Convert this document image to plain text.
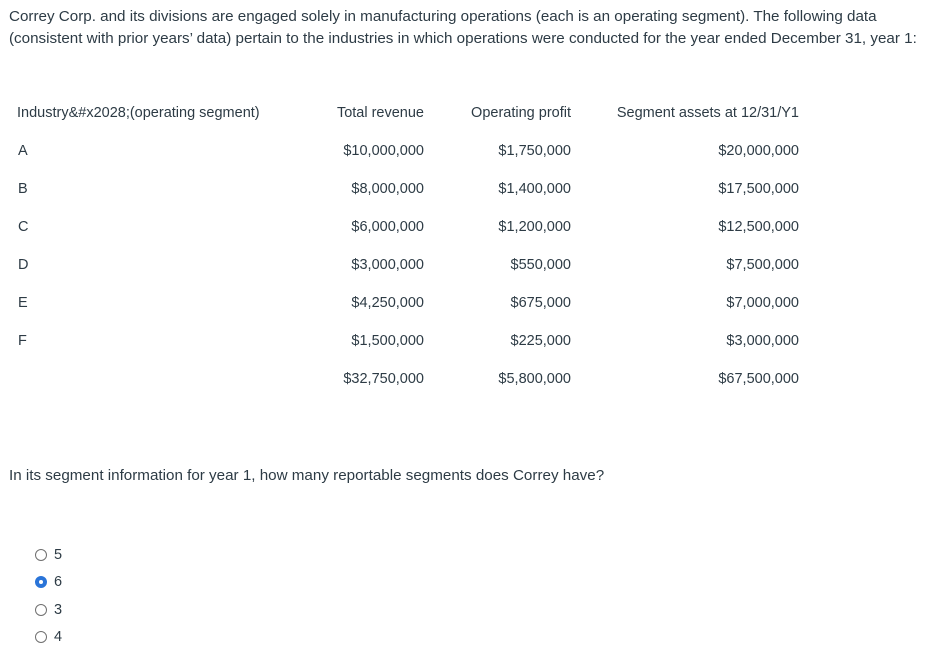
Correy Corp. and its divisions are engaged solely in manufacturing operations (each is an operating segment). The following data (consistent with prior years’ data) pertain to the industries in which operations were conducted for the year ended December 31, year 1:
Industry&#x2028;(operating segment)	Total revenue	Operating profit	Segment assets at 12/31/Y1
A	$10,000,000	$1,750,000	$20,000,000
B	$8,000,000	$1,400,000	$17,500,000
C	$6,000,000	$1,200,000	$12,500,000
D	$3,000,000	$550,000	$7,500,000
E	$4,250,000	$675,000	$7,000,000
F	$1,500,000	$225,000	$3,000,000
	$32,750,000	$5,800,000	$67,500,000
In its segment information for year 1, how many reportable segments does Correy have?
5
6
3
4
